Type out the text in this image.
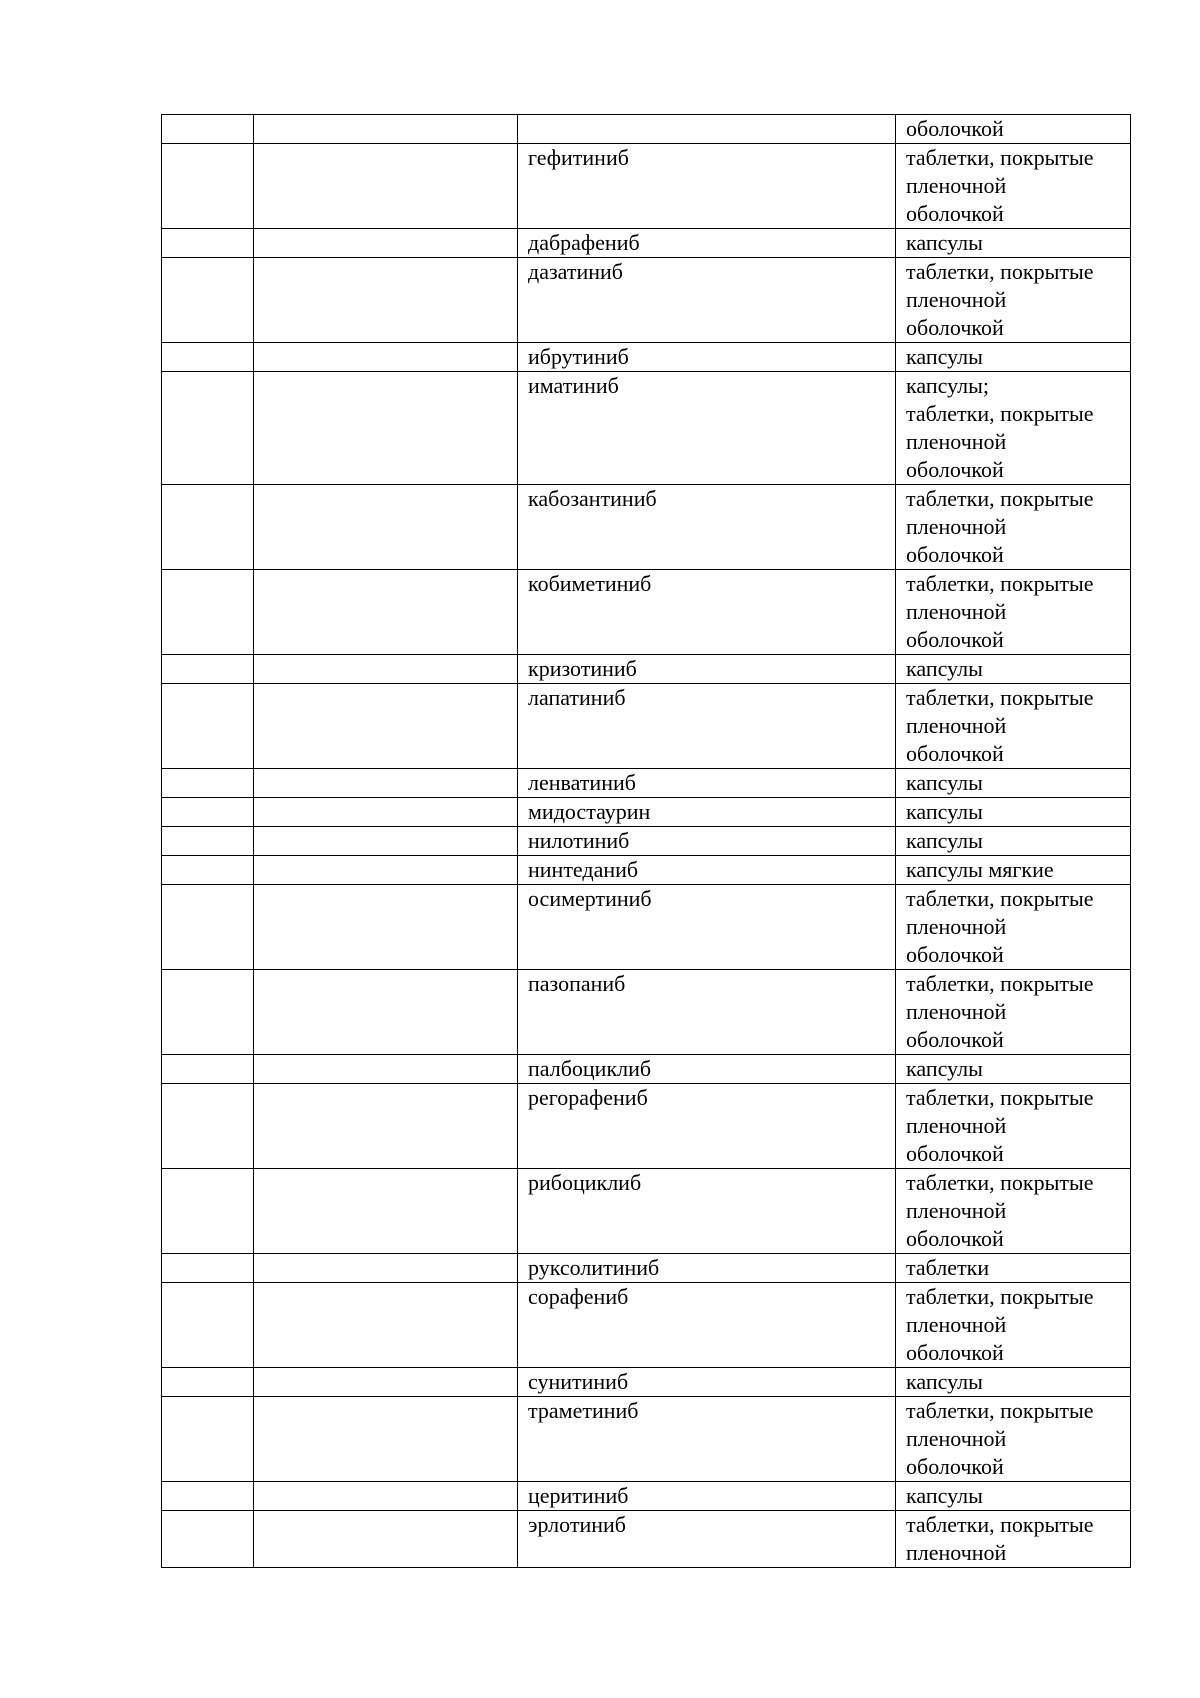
			оболочкой
		гефитиниб	таблетки, покрытые
пленочной
оболочкой
		дабрафениб	капсулы
		дазатиниб	таблетки, покрытые
пленочной
оболочкой
		ибрутиниб	капсулы
		иматиниб	капсулы;
таблетки, покрытые
пленочной
оболочкой
		кабозантиниб	таблетки, покрытые
пленочной
оболочкой
		кобиметиниб	таблетки, покрытые
пленочной
оболочкой
		кризотиниб	капсулы
		лапатиниб	таблетки, покрытые
пленочной
оболочкой
		ленватиниб	капсулы
		мидостаурин	капсулы
		нилотиниб	капсулы
		нинтеданиб	капсулы мягкие
		осимертиниб	таблетки, покрытые
пленочной
оболочкой
		пазопаниб	таблетки, покрытые
пленочной
оболочкой
		палбоциклиб	капсулы
		регорафениб	таблетки, покрытые
пленочной
оболочкой
		рибоциклиб	таблетки, покрытые
пленочной
оболочкой
		руксолитиниб	таблетки
		сорафениб	таблетки, покрытые
пленочной
оболочкой
		сунитиниб	капсулы
		траметиниб	таблетки, покрытые
пленочной
оболочкой
		церитиниб	капсулы
		эрлотиниб	таблетки, покрытые
пленочной
